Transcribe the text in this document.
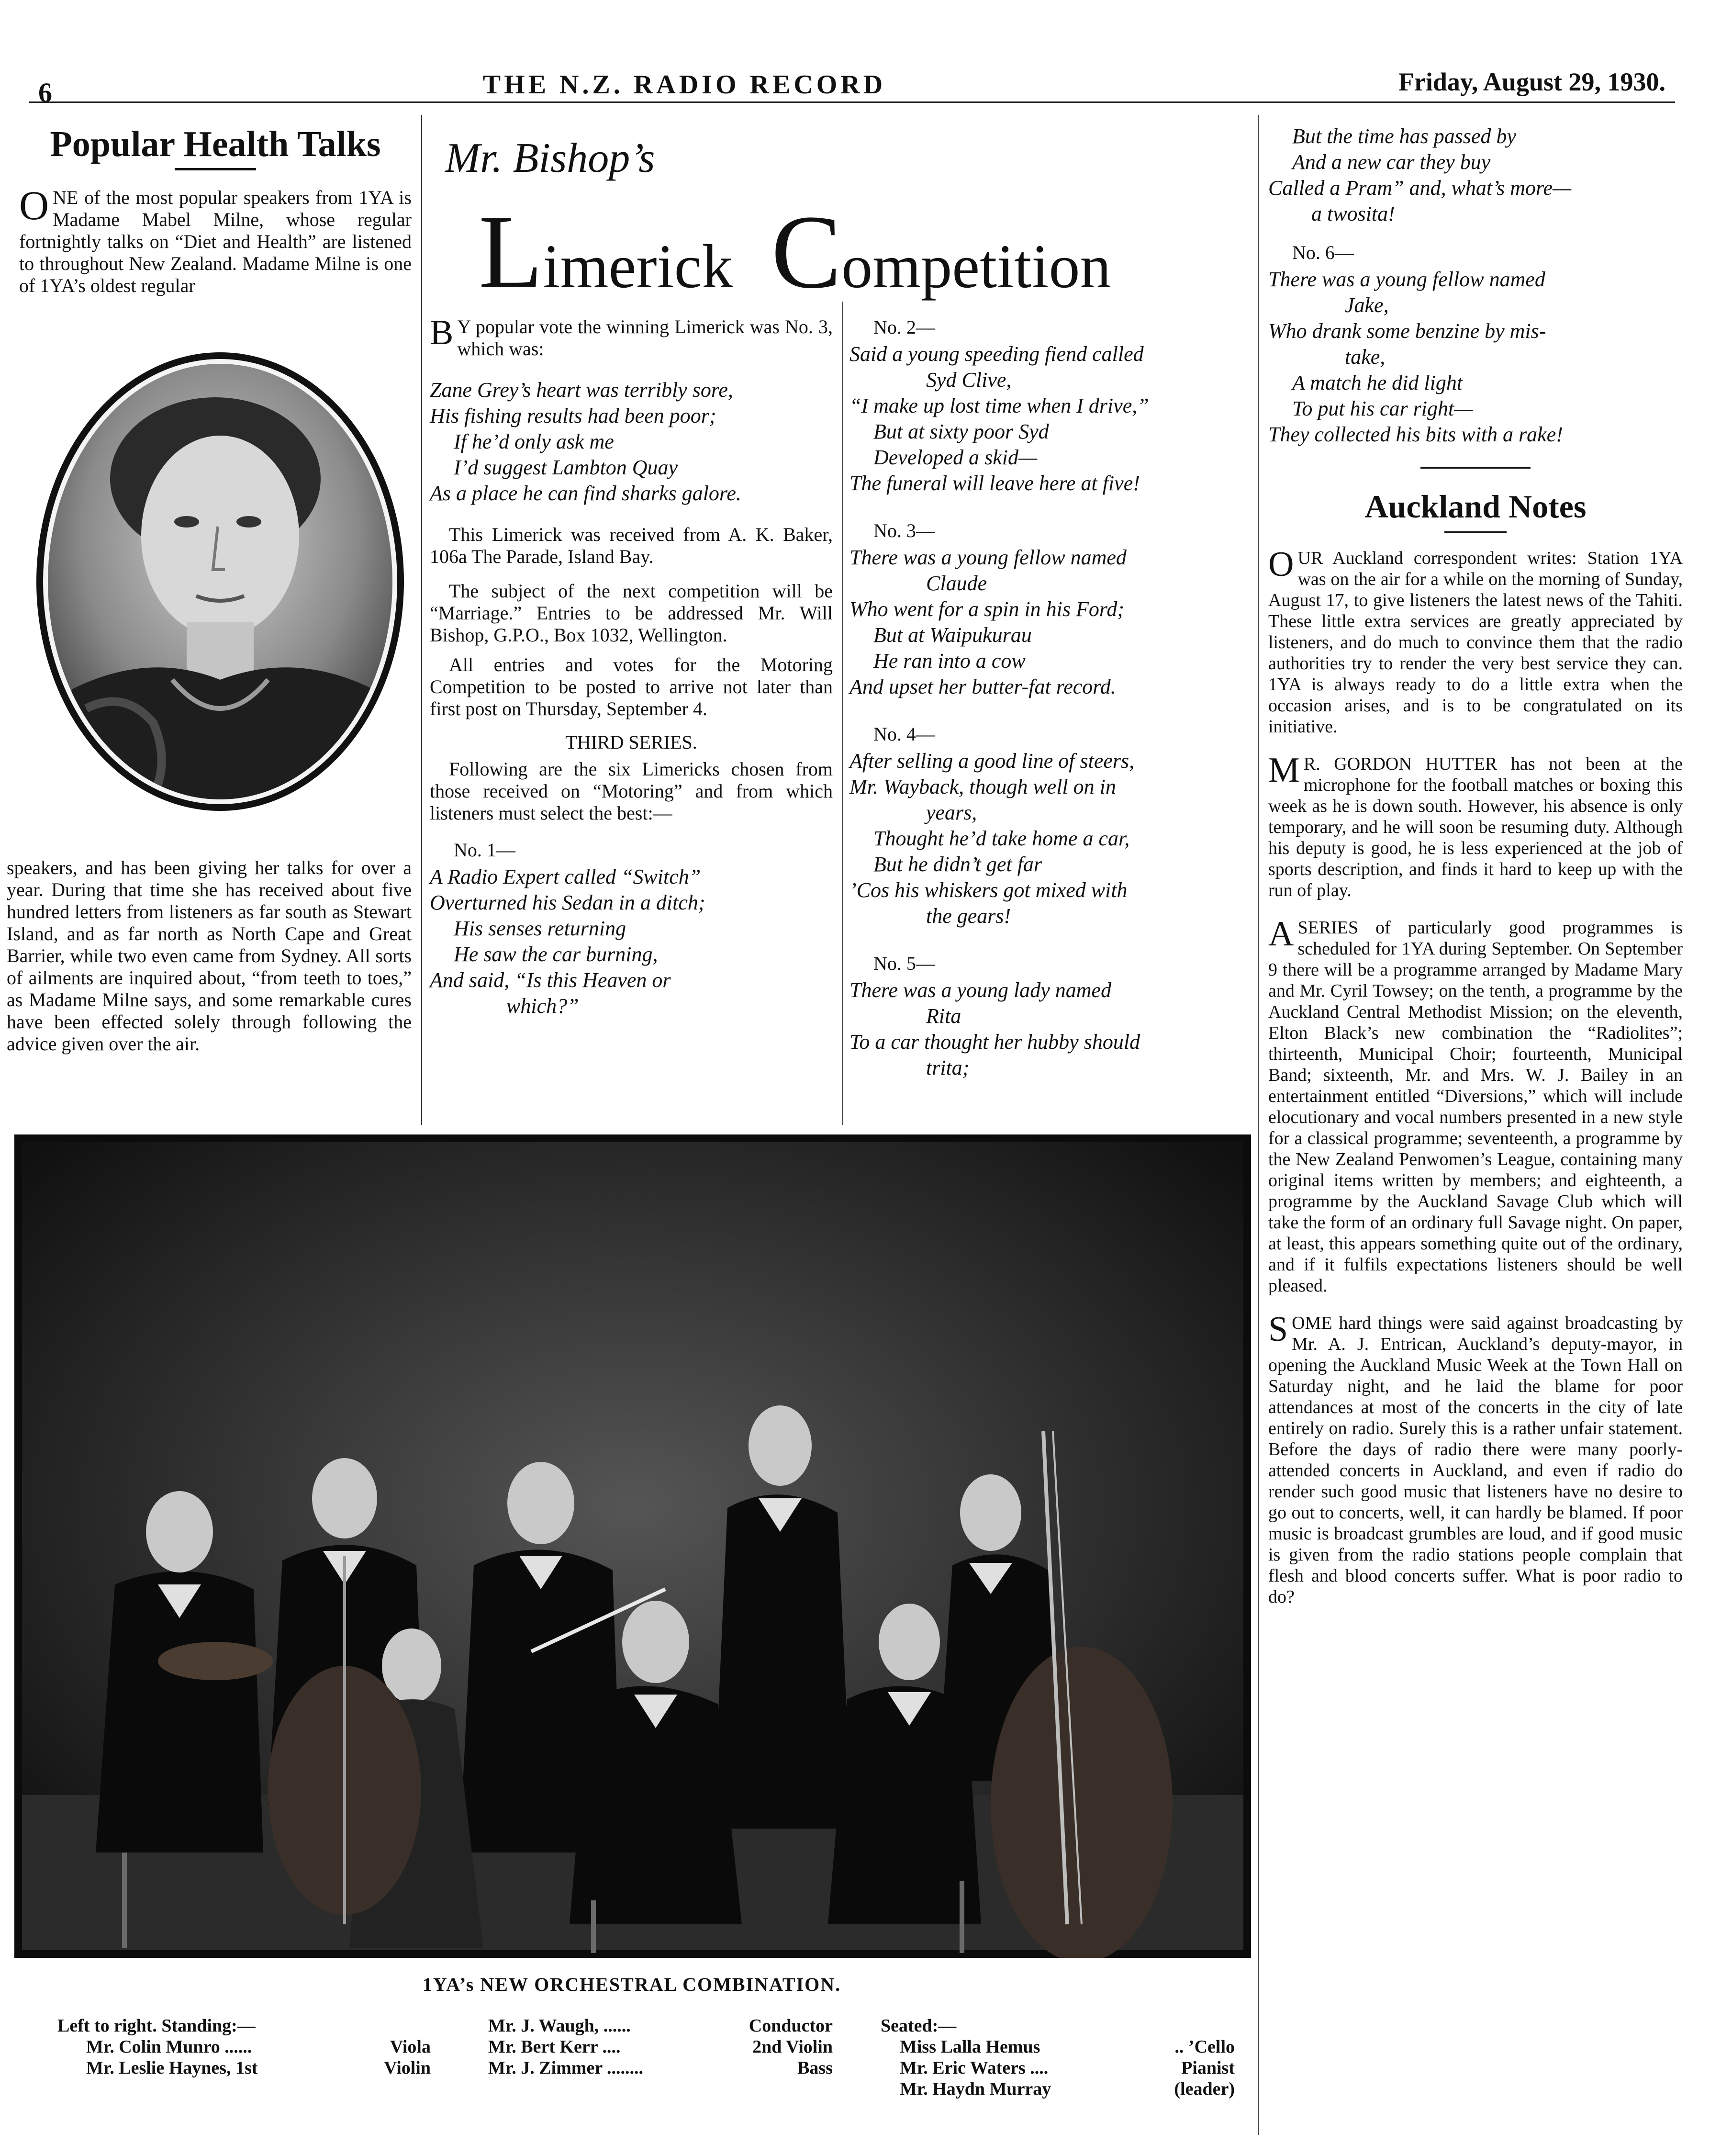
6	THE N.Z. RADIO RECORD	Friday, August 29, 1930.
Popular Health Talks

ONE of the most popular speakers from 1YA is Madame Mabel Milne, whose regular fortnightly talks on “Diet and Health” are listened to throughout New Zealand. Madame Milne is one of 1YA’s oldest regular

speakers, and has been giving her talks for over a year. During that time she has received about five hundred letters from listeners as far south as Stewart Island, and as far north as North Cape and Great Barrier, while two even came from Sydney. All sorts of ailments are inquired about, “from teeth to toes,” as Madame Milne says, and some remarkable cures have been effected solely through following the advice given over the air.

Mr. Bishop’s
Limerick Competition

B Y popular vote the winning Limerick was No. 3, which was:

Zane Grey’s heart was terribly sore,
His fishing results had been poor;
If he’d only ask me
I’d suggest Lambton Quay
As a place he can find sharks galore.

This Limerick was received from A. K. Baker, 106a The Parade, Island Bay.

The subject of the next competition will be “Marriage.” Entries to be addressed Mr. Will Bishop, G.P.O., Box 1032, Wellington.

All entries and votes for the Motoring Competition to be posted to arrive not later than first post on Thursday, September 4.

THIRD SERIES.

Following are the six Limericks chosen from those received on “Motoring” and from which listeners must select the best:—

No. 1—

A Radio Expert called “Switch”
Overturned his Sedan in a ditch;
His senses returning
He saw the car burning,
And said, “Is this Heaven or
which?”

No. 2—

Said a young speeding fiend called
Syd Clive,
“I make up lost time when I drive,”
But at sixty poor Syd
Developed a skid—
The funeral will leave here at five!

No. 3—

There was a young fellow named
Claude
Who went for a spin in his Ford;
But at Waipukurau
He ran into a cow
And upset her butter-fat record.

No. 4—

After selling a good line of steers,
Mr. Wayback, though well on in
years,
Thought he’d take home a car,
But he didn’t get far
’Cos his whiskers got mixed with
the gears!

No. 5—

There was a young lady named
Rita
To a car thought her hubby should
trita;
But the time has passed by
And a new car they buy
Called a Pram” and, what’s more—
a twosita!

No. 6—

There was a young fellow named
Jake,
Who drank some benzine by mis-
take,
A match he did light
To put his car right—
They collected his bits with a rake!
Auckland Notes

OUR Auckland correspondent writes: Station 1YA was on the air for a while on the morning of Sunday, August 17, to give listeners the latest news of the Tahiti. These little extra services are greatly appreciated by listeners, and do much to convince them that the radio authorities try to render the very best service they can. 1YA is always ready to do a little extra when the occasion arises, and is to be congratulated on its initiative.

M R. GORDON HUTTER has not been at the microphone for the football matches or boxing this week as he is down south. However, his absence is only temporary, and he will soon be resuming duty. Although his deputy is good, he is less experienced at the job of sports description, and finds it hard to keep up with the run of play.

ASERIES of particularly good programmes is scheduled for 1YA during September. On September 9 there will be a programme arranged by Madame Mary and Mr. Cyril Towsey; on the tenth, a programme by the Auckland Central Methodist Mission; on the eleventh, Elton Black’s new combination the “Radiolites”; thirteenth, Municipal Choir; fourteenth, Municipal Band; sixteenth, Mr. and Mrs. W. J. Bailey in an entertainment entitled “Diversions,” which will include elocutionary and vocal numbers presented in a new style for a classical programme; seventeenth, a programme by the New Zealand Penwomen’s League, containing many original items written by members; and eighteenth, a programme by the Auckland Savage Club which will take the form of an ordinary full Savage night. On paper, at least, this appears something quite out of the ordinary, and if it fulfils expectations listeners should be well pleased.

SOME hard things were said against broadcasting by Mr. A. J. Entrican, Auckland’s deputy-mayor, in opening the Auckland Music Week at the Town Hall on Saturday night, and he laid the blame for poor attendances at most of the concerts in the city of late entirely on radio. Surely this is a rather unfair statement. Before the days of radio there were many poorly-attended concerts in Auckland, and even if radio do render such good music that listeners have no desire to go out to concerts, well, it can hardly be blamed. If poor music is broadcast grumbles are loud, and if good music is given from the radio stations people complain that flesh and blood concerts suffer. What is poor radio to do?

1YA’s NEW ORCHESTRAL COMBINATION.
Left to right. Standing:—
Mr. Colin Munro ......	Viola
Mr. Leslie Haynes, 1st	Violin
Mr. J. Waugh, ......	Conductor
Mr. Bert Kerr ....	2nd Violin
Mr. J. Zimmer ........	Bass
Seated:—
Miss Lalla Hemus	.. ’Cello
Mr. Eric Waters ....	Pianist
Mr. Haydn Murray	(leader)
